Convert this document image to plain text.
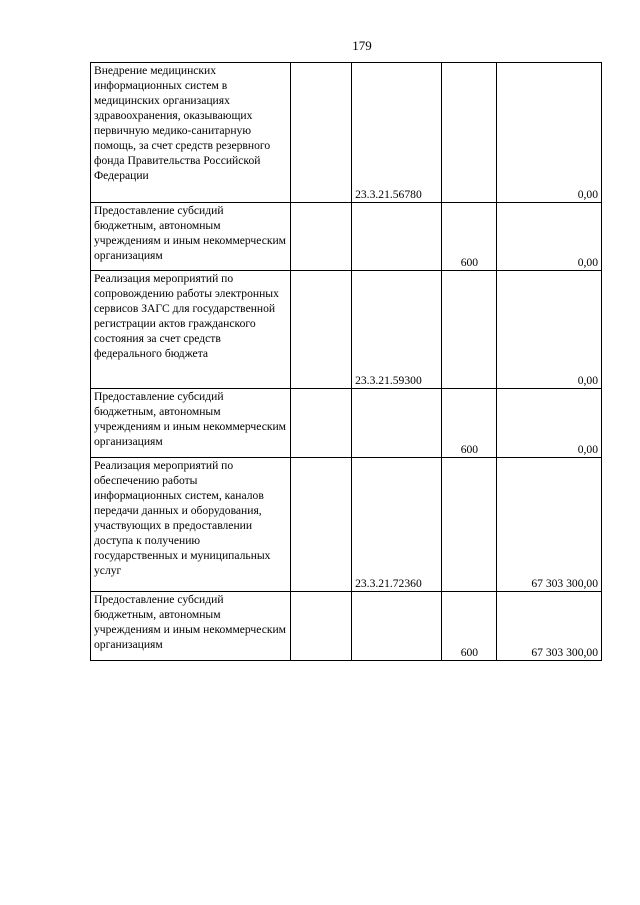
179
Внедрение медицинских информационных систем в медицинских организациях здравоохранения, оказывающих первичную медико-санитарную помощь, за счет средств резервного фонда Правительства Российской Федерации		23.3.21.56780		0,00
Предоставление субсидий бюджетным, автономным учреждениям и иным некоммерческим организациям			600	0,00
Реализация мероприятий по сопровождению работы электронных сервисов ЗАГС для государственной регистрации актов гражданского состояния за счет средств федерального бюджета		23.3.21.59300		0,00
Предоставление субсидий бюджетным, автономным учреждениям и иным некоммерческим организациям			600	0,00
Реализация мероприятий по обеспечению работы информационных систем, каналов передачи данных и оборудования, участвующих в предоставлении доступа к получению государственных и муниципальных услуг		23.3.21.72360		67 303 300,00
Предоставление субсидий бюджетным, автономным учреждениям и иным некоммерческим организациям			600	67 303 300,00
